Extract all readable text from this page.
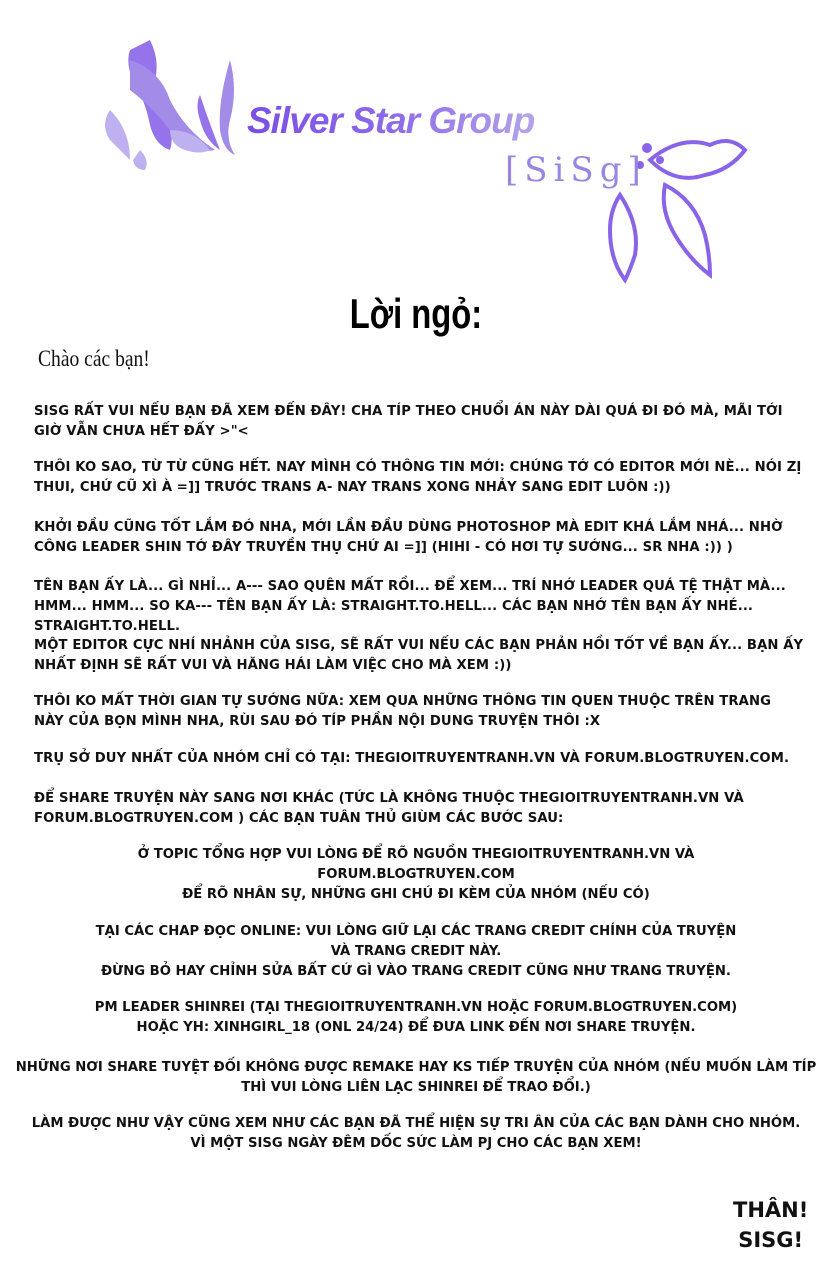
Silver Star Group
[SiSg]
Lời ngỏ:
Chào các bạn!
SISG RẤT VUI NẾU BẠN ĐÃ XEM ĐẾN ĐÂY! CHA TÍP THEO CHUỔI ÁN NÀY DÀI QUÁ ĐI ĐÓ MÀ, MÃI TỚI GIỜ VẪN CHƯA HẾT ĐẤY >"<
THÔI KO SAO, TỪ TỪ CŨNG HẾT. NAY MÌNH CÓ THÔNG TIN MỚI: CHÚNG TỚ CÓ EDITOR MỚI NÈ... NÓI ZỊ THUI, CHỨ CŨ XÌ À =]] TRƯỚC TRANS A- NAY TRANS XONG NHẢY SANG EDIT LUÔN :))
KHỞI ĐẦU CŨNG TỐT LẮM ĐÓ NHA, MỚI LẦN ĐẦU DÙNG PHOTOSHOP MÀ EDIT KHÁ LẮM NHÁ... NHỜ CÔNG LEADER SHIN TỚ ĐÂY TRUYỀN THỤ CHỨ AI =]] (HIHI - CÓ HƠI TỰ SƯỚNG... SR NHA :)) )
TÊN BẠN ẤY LÀ... GÌ NHỈ... A--- SAO QUÊN MẤT RỒI... ĐỂ XEM... TRÍ NHỚ LEADER QUÁ TỆ THẬT MÀ... HMM... HMM... SO KA--- TÊN BẠN ẤY LÀ: STRAIGHT.TO.HELL... CÁC BẠN NHỚ TÊN BẠN ẤY NHÉ... STRAIGHT.TO.HELL.
MỘT EDITOR CỰC NHÍ NHẢNH CỦA SISG, SẼ RẤT VUI NẾU CÁC BẠN PHẢN HỒI TỐT VỀ BẠN ẤY... BẠN ẤY NHẤT ĐỊNH SẼ RẤT VUI VÀ HĂNG HÁI LÀM VIỆC CHO MÀ XEM :))
THÔI KO MẤT THỜI GIAN TỰ SƯỚNG NỮA: XEM QUA NHỮNG THÔNG TIN QUEN THUỘC TRÊN TRANG NÀY CỦA BỌN MÌNH NHA, RÙI SAU ĐÓ TÍP PHẦN NỘI DUNG TRUYỆN THÔI :X
TRỤ SỞ DUY NHẤT CỦA NHÓM CHỈ CÓ TẠI: THEGIOITRUYENTRANH.VN VÀ FORUM.BLOGTRUYEN.COM.
ĐỂ SHARE TRUYỆN NÀY SANG NƠI KHÁC (TỨC LÀ KHÔNG THUỘC THEGIOITRUYENTRANH.VN VÀ FORUM.BLOGTRUYEN.COM ) CÁC BẠN TUÂN THỦ GIÙM CÁC BƯỚC SAU:
Ở TOPIC TỔNG HỢP VUI LÒNG ĐỂ RÕ NGUỒN THEGIOITRUYENTRANH.VN VÀ
FORUM.BLOGTRUYEN.COM
ĐỂ RÕ NHÂN SỰ, NHỮNG GHI CHÚ ĐI KÈM CỦA NHÓM (NẾU CÓ)
TẠI CÁC CHAP ĐỌC ONLINE: VUI LÒNG GIỮ LẠI CÁC TRANG CREDIT CHÍNH CỦA TRUYỆN
VÀ TRANG CREDIT NÀY.
ĐỪNG BỎ HAY CHỈNH SỬA BẤT CỨ GÌ VÀO TRANG CREDIT CŨNG NHƯ TRANG TRUYỆN.
PM LEADER SHINREI (TẠI THEGIOITRUYENTRANH.VN HOẶC FORUM.BLOGTRUYEN.COM)
HOẶC YH: XINHGIRL_18 (ONL 24/24) ĐỂ ĐƯA LINK ĐẾN NƠI SHARE TRUYỆN.
NHỮNG NƠI SHARE TUYỆT ĐỐI KHÔNG ĐƯỢC REMAKE HAY KS TIẾP TRUYỆN CỦA NHÓM (NẾU MUỐN LÀM TÍP
THÌ VUI LÒNG LIÊN LẠC SHINREI ĐỂ TRAO ĐỔI.)
LÀM ĐƯỢC NHƯ VẬY CŨNG XEM NHƯ CÁC BẠN ĐÃ THỂ HIỆN SỰ TRI ÂN CỦA CÁC BẠN DÀNH CHO NHÓM.
VÌ MỘT SISG NGÀY ĐÊM DỐC SỨC LÀM PJ CHO CÁC BẠN XEM!
THÂN!
SISG!
